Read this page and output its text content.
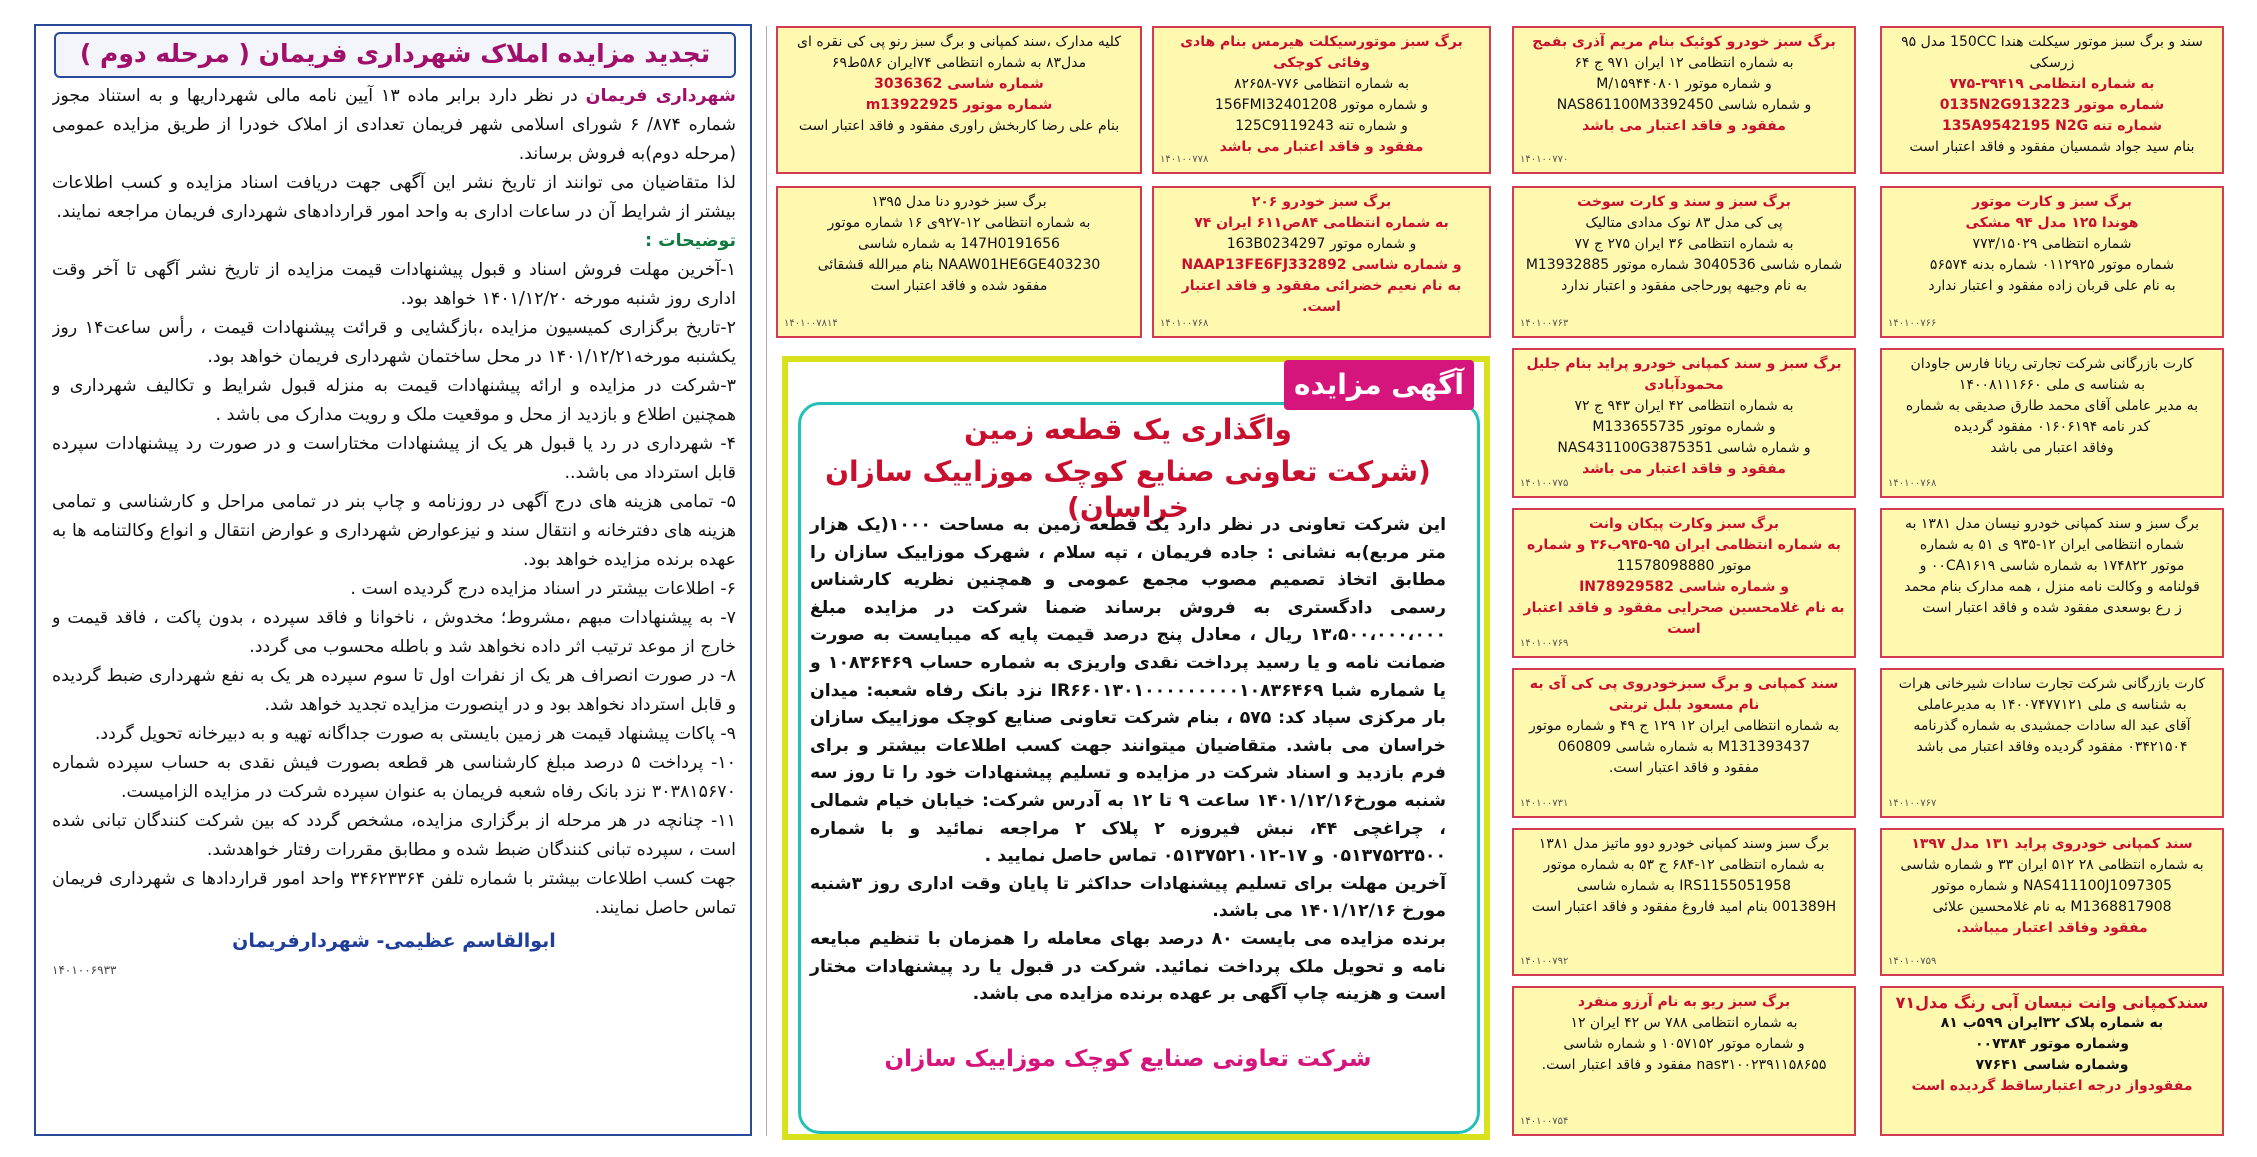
تجدید مزایده املاک شهرداری فریمان ( مرحله دوم )

شهرداری فریمان در نظر دارد برابر ماده ۱۳ آیین نامه مالی شهرداریها و به استناد مجوز شماره ۸۷۴/ ۶ شورای اسلامی شهر فریمان تعدادی از املاک خودرا از طریق مزایده عمومی (مرحله دوم)به فروش برساند.

لذا متقاضیان می توانند از تاریخ نشر این آگهی جهت دریافت اسناد مزایده و کسب اطلاعات بیشتر از شرایط آن در ساعات اداری به واحد امور قراردادهای شهرداری فریمان مراجعه نمایند.

توضیحات :

۱-آخرین مهلت فروش اسناد و قبول پیشنهادات قیمت مزایده از تاریخ نشر آگهی تا آخر وقت اداری روز شنبه مورخه ۱۴۰۱/۱۲/۲۰ خواهد بود.

۲-تاریخ برگزاری کمیسیون مزایده ،بازگشایی و قرائت پیشنهادات قیمت ، رأس ساعت۱۴ روز یکشنبه مورخه۱۴۰۱/۱۲/۲۱ در محل ساختمان شهرداری فریمان خواهد بود.

۳-شرکت در مزایده و ارائه پیشنهادات قیمت به منزله قبول شرایط و تکالیف شهرداری و همچنین اطلاع و بازدید از محل و موقعیت ملک و رویت مدارک می باشد .

۴- شهرداری در رد یا قبول هر یک از پیشنهادات مختاراست و در صورت رد پیشنهادات سپرده قابل استرداد می باشد..

۵- تمامی هزینه های درج آگهی در روزنامه و چاپ بنر در تمامی مراحل و کارشناسی و تمامی هزینه های دفترخانه و انتقال سند و نیزعوارض شهرداری و عوارض انتقال و انواع وکالتنامه ها به عهده برنده مزایده خواهد بود.

۶- اطلاعات بیشتر در اسناد مزایده درج گردیده است .

۷- به پیشنهادات مبهم ،مشروط؛ مخدوش ، ناخوانا و فاقد سپرده ، بدون پاکت ، فاقد قیمت و خارج از موعد ترتیب اثر داده نخواهد شد و باطله محسوب می گردد.

۸- در صورت انصراف هر یک از نفرات اول تا سوم سپرده هر یک به نفع شهرداری ضبط گردیده و قابل استرداد نخواهد بود و در اینصورت مزایده تجدید خواهد شد.

۹- پاکات پیشنهاد قیمت هر زمین بایستی به صورت جداگانه تهیه و به دبیرخانه تحویل گردد.

۱۰- پرداخت ۵ درصد مبلغ کارشناسی هر قطعه بصورت فیش نقدی به حساب سپرده شماره ۳۰۳۸۱۵۶۷۰ نزد بانک رفاه شعبه فریمان به عنوان سپرده شرکت در مزایده الزامیست.

۱۱- چنانچه در هر مرحله از برگزاری مزایده، مشخص گردد که بین شرکت کنندگان تبانی شده است ، سپرده تبانی کنندگان ضبط شده و مطابق مقررات رفتار خواهدشد.

جهت کسب اطلاعات بیشتر با شماره تلفن ۳۴۶۲۳۳۶۴ واحد امور قراردادها ی شهرداری فریمان تماس حاصل نمایند.

ابوالقاسم عظیمی- شهردارفریمان

۱۴۰۱۰۰۶۹۳۳

آگهی مزایده
واگذاری یک قطعه زمین
(شرکت تعاونی صنایع کوچک موزاییک سازان خراسان)
این شرکت تعاونی در نظر دارد یک قطعه زمین به مساحت ۱۰۰۰(یک هزار متر مربع)به نشانی : جاده فریمان ، تپه سلام ، شهرک موزاییک سازان را مطابق اتخاذ تصمیم مصوب مجمع عمومی و همچنین نظریه کارشناس رسمی دادگستری به فروش برساند ضمنا شرکت در مزایده مبلغ ۱۳،۵۰۰،۰۰۰،۰۰۰ ریال ، معادل پنج درصد قیمت پایه که میبایست به صورت ضمانت نامه و یا رسید پرداخت نقدی واریزی به شماره حساب ۱۰۸۳۶۴۶۹ و یا شماره شبا IR۶۶۰۱۳۰۱۰۰۰۰۰۰۰۰۰۱۰۸۳۶۴۶۹ نزد بانک رفاه شعبه: میدان بار مرکزی سپاد کد: ۵۷۵ ، بنام شرکت تعاونی صنایع کوچک موزاییک سازان خراسان می باشد. متقاضیان میتوانند جهت کسب اطلاعات بیشتر و برای فرم بازدید و اسناد شرکت در مزایده و تسلیم پیشنهادات خود را تا روز سه شنبه مورخ۱۴۰۱/۱۲/۱۶ ساعت ۹ تا ۱۲ به آدرس شرکت: خیابان خیام شمالی ، چراغچی ۴۴، نبش فیروزه ۲ پلاک ۲ مراجعه نمائید و با شماره ۰۵۱۳۷۵۲۳۵۰۰ و ۱۷-۰۵۱۳۷۵۲۱۰۱۲ تماس حاصل نمایید .
آخرین مهلت برای تسلیم پیشنهادات حداکثر تا پایان وقت اداری روز ۳شنبه مورخ ۱۴۰۱/۱۲/۱۶ می باشد.
برنده مزایده می بایست ۸۰ درصد بهای معامله را همزمان با تنظیم مبایعه نامه و تحویل ملک پرداخت نمائید. شرکت در قبول یا رد پیشنهادات مختار است و هزینه چاپ آگهی بر عهده برنده مزایده می باشد.
شرکت تعاونی صنایع کوچک موزاییک سازان
برگ سبز موتورسیکلت هیرمس بنام هادی وفائی کوچکی
به شماره انتظامی ۷۷۶-۸۲۶۵۸
و شماره موتور 156FMI32401208
و شماره تنه 125C9119243
مفقود و فاقد اعتبار می باشد
۱۴۰۱۰۰۷۷۸
کلیه مدارک ،سند کمپانی و برگ سبز رنو پی کی نقره ای
مدل۸۳ به شماره انتظامی ۷۴ایران ۵۸۶ط۶۹
شماره شاسی 3036362
شماره موتور m13922925
بنام علی رضا کاربخش راوری مفقود و فاقد اعتبار است
برگ سبز خودرو دنا مدل ۱۳۹۵
به شماره انتظامی ۱۲-۹۲۷ی ۱۶ شماره موتور
147H0191656 به شماره شاسی
NAAW01HE6GE403230 بنام میرالله قشقائی
مفقود شده و فاقد اعتبار است
۱۴۰۱۰۰۷۸۱۴
برگ سبز خودرو ۲۰۶
به شماره انتظامی ۸۴ص۶۱۱ ایران ۷۴
و شماره موتور 163B0234297
و شماره شاسی NAAP13FE6FJ332892
به نام نعیم خضرائی مفقود و فاقد اعتبار است.
۱۴۰۱۰۰۷۶۸
برگ سبز خودرو کوئیک بنام مریم آذری بفمج
به شماره انتظامی ۱۲ ایران ۹۷۱ ج ۶۴
و شماره موتور M/۱۵۹۴۴۰۸۰۱
و شماره شاسی NAS861100M3392450
مفقود و فاقد اعتبار می باشد
۱۴۰۱۰۰۷۷۰
برگ سبز و سند و کارت سوخت
پی کی مدل ۸۳ نوک مدادی متالیک
به شماره انتظامی ۳۶ ایران ۲۷۵ ج ۷۷
شماره شاسی 3040536 شماره موتور M13932885
به نام وجیهه پورحاجی مفقود و اعتبار ندارد
۱۴۰۱۰۰۷۶۳
برگ سبز و سند کمپانی خودرو پراید بنام جلیل محمودآبادی
به شماره انتظامی ۴۲ ایران ۹۴۳ ج ۷۲
و شماره موتور M133655735
و شماره شاسی NAS431100G3875351
مفقود و فاقد اعتبار می باشد
۱۴۰۱۰۰۷۷۵
برگ سبز وکارت پیکان وانت
به شماره انتظامی ایران ۹۵-۹۴۵ب۳۶ و شماره
موتور 11578098880
و شماره شاسی IN78929582
به نام غلامحسین صحرایی مفقود و فاقد اعتبار است
۱۴۰۱۰۰۷۶۹
سند کمپانی و برگ سبزخودروی پی کی آی به نام مسعود بلبل تربتی
به شماره انتظامی ایران ۱۲ ۱۲۹ ج ۴۹ و شماره موتور
M131393437 به شماره شاسی 060809
مفقود و فاقد اعتبار است.
۱۴۰۱۰۰۷۳۱
برگ سبز وسند کمپانی خودرو دوو ماتیز مدل ۱۳۸۱
به شماره انتظامی ۱۲-۶۸۴ ج ۵۳ به شماره موتور
IRS1155051958 به شماره شاسی
001389H بنام امید فاروغ مفقود و فاقد اعتبار است
۱۴۰۱۰۰۷۹۲
برگ سبز ریو به نام آرزو منفرد
به شماره انتظامی ۷۸۸ س ۴۲ ایران ۱۲
و شماره موتور ۱۰۵۷۱۵۲ و شماره شاسی
nas۳۱۰۰۲۳۹۱۱۵۸۶۵۵ مفقود و فاقد اعتبار است.
۱۴۰۱۰۰۷۵۴
سند و برگ سبز موتور سیکلت هندا 150CC مدل ۹۵ زرسکی
به شماره انتظامی ۳۹۴۱۹-۷۷۵
شماره موتور 0135N2G913223
شماره تنه 135A9542195 N2G
بنام سید جواد شمسیان مفقود و فاقد اعتبار است
برگ سبز و کارت موتور
هوندا ۱۲۵ مدل ۹۴ مشکی
شماره انتظامی ۷۷۳/۱۵۰۲۹
شماره موتور ۰۱۱۲۹۲۵ شماره بدنه ۵۶۵۷۴
به نام علی قربان زاده مفقود و اعتبار ندارد
۱۴۰۱۰۰۷۶۶
کارت بازرگانی شرکت تجارتی ریانا فارس جاودان
به شناسه ی ملی ۱۴۰۰۸۱۱۱۶۶۰
به مدیر عاملی آقای محمد طارق صدیقی به شماره
کدر نامه ۰۱۶۰۶۱۹۴ مفقود گردیده
وفاقد اعتبار می باشد
۱۴۰۱۰۰۷۶۸
برگ سبز و سند کمپانی خودرو نیسان مدل ۱۳۸۱ به
شماره انتظامی ایران ۱۲-۹۳۵ ی ۵۱ به شماره
موتور ۱۷۴۸۲۲ به شماره شاسی ۰۰CA۱۶۱۹ و
قولنامه و وکالت نامه منزل ، همه مدارک بنام محمد
ز رع بوسعدی مفقود شده و فاقد اعتبار است
کارت بازرگانی شرکت تجارت سادات شیرخانی هرات
به شناسه ی ملی ۱۴۰۰۷۴۷۷۱۲۱ به مدیرعاملی
آقای عبد اله سادات جمشیدی به شماره گذرنامه
۰۳۴۲۱۵۰۴ مفقود گردیده وفاقد اعتبار می باشد
۱۴۰۱۰۰۷۶۷
سند کمپانی خودروی پراید ۱۳۱ مدل ۱۳۹۷
به شماره انتظامی ۲۸ ۵۱۲ ایران ۳۳ و شماره شاسی
NAS411100J1097305 و شماره موتور
M1368817908 به نام غلامحسین علائی
مفقود وفاقد اعتبار میباشد.
۱۴۰۱۰۰۷۵۹
سندکمپانی وانت نیسان آبی رنگ مدل۷۱
به شماره پلاک ۳۲ایران ۵۹۹ب ۸۱
وشماره موتور ۰۰۷۳۸۴
وشماره شاسی ۷۷۶۴۱
مفقودواز درجه اعتبارساقط گردیده است
